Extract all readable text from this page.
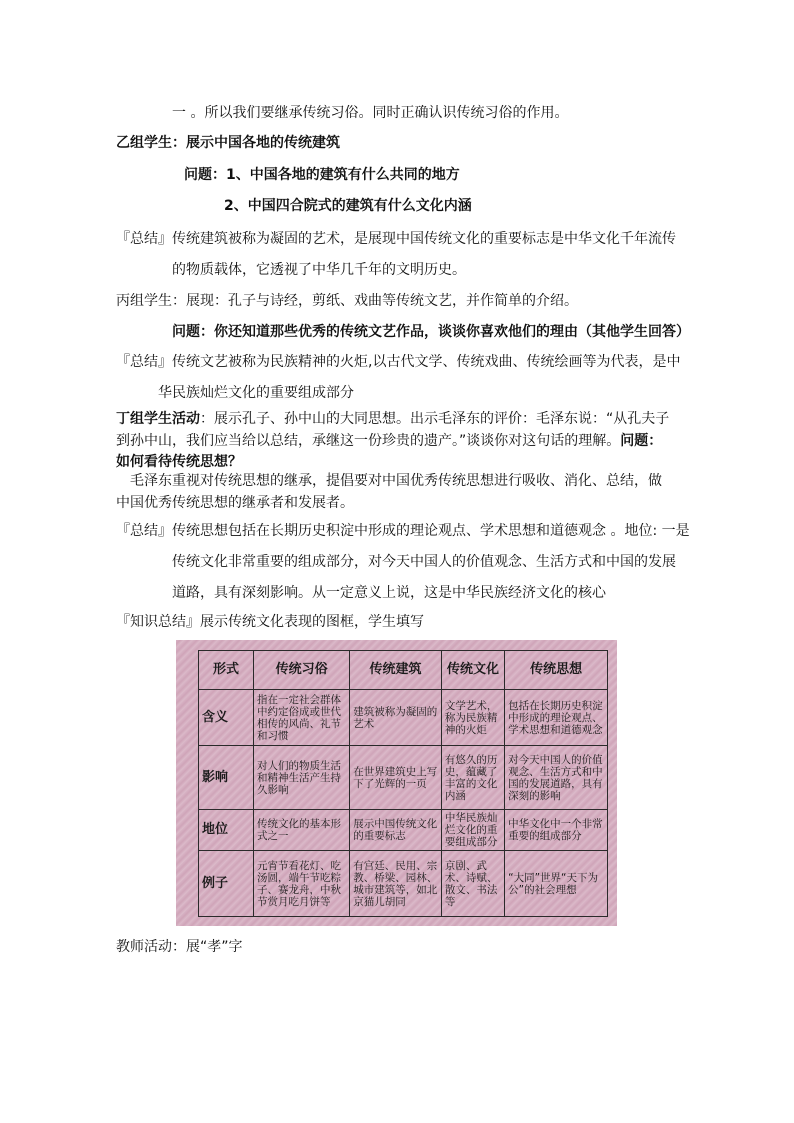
一 。所以我们要继承传统习俗。同时正确认识传统习俗的作用。
乙组学生：展示中国各地的传统建筑
问题：1、中国各地的建筑有什么共同的地方
2、中国四合院式的建筑有什么文化内涵
『总结』传统建筑被称为凝固的艺术，是展现中国传统文化的重要标志是中华文化千年流传
的物质载体，它透视了中华几千年的文明历史。
丙组学生：展现：孔子与诗经，剪纸、戏曲等传统文艺，并作简单的介绍。
问题：你还知道那些优秀的传统文艺作品，谈谈你喜欢他们的理由（其他学生回答）
『总结』传统文艺被称为民族精神的火炬,以古代文学、传统戏曲、传统绘画等为代表，是中
华民族灿烂文化的重要组成部分
丁组学生活动：展示孔子、孙中山的大同思想。出示毛泽东的评价：毛泽东说：“从孔夫子
到孙中山，我们应当给以总结，承继这一份珍贵的遗产。”谈谈你对这句话的理解。问题：
如何看待传统思想？
毛泽东重视对传统思想的继承，提倡要对中国优秀传统思想进行吸收、消化、总结，做
中国优秀传统思想的继承者和发展者。
『总结』传统思想包括在长期历史积淀中形成的理论观点、学术思想和道德观念 。地位: 一是
传统文化非常重要的组成部分，对今天中国人的价值观念、生活方式和中国的发展
道路，具有深刻影响。从一定意义上说，这是中华民族经济文化的核心
『知识总结』展示传统文化表现的图框，学生填写
形式	传统习俗	传统建筑	传统文化	传统思想
含义	指在一定社会群体中约定俗成或世代相传的风尚、礼节和习惯	建筑被称为凝固的艺术	文学艺术，称为民族精神的火炬	包括在长期历史积淀中形成的理论观点、学术思想和道德观念
影响	对人们的物质生活和精神生活产生持久影响	在世界建筑史上写下了光辉的一页	有悠久的历史，蕴藏了丰富的文化内涵	对今天中国人的价值观念、生活方式和中国的发展道路，具有深刻的影响
地位	传统文化的基本形式之一	展示中国传统文化的重要标志	中华民族灿烂文化的重要组成部分	中华文化中一个非常重要的组成部分
例子	元宵节看花灯、吃汤圆，端午节吃粽子、赛龙舟，中秋节赏月吃月饼等	有宫廷、民用、宗教、桥梁、园林、城市建筑等，如北京猫儿胡同	京剧、武术、诗赋、散文、书法等	“大同”世界“天下为公”的社会理想
教师活动：展“孝”字
